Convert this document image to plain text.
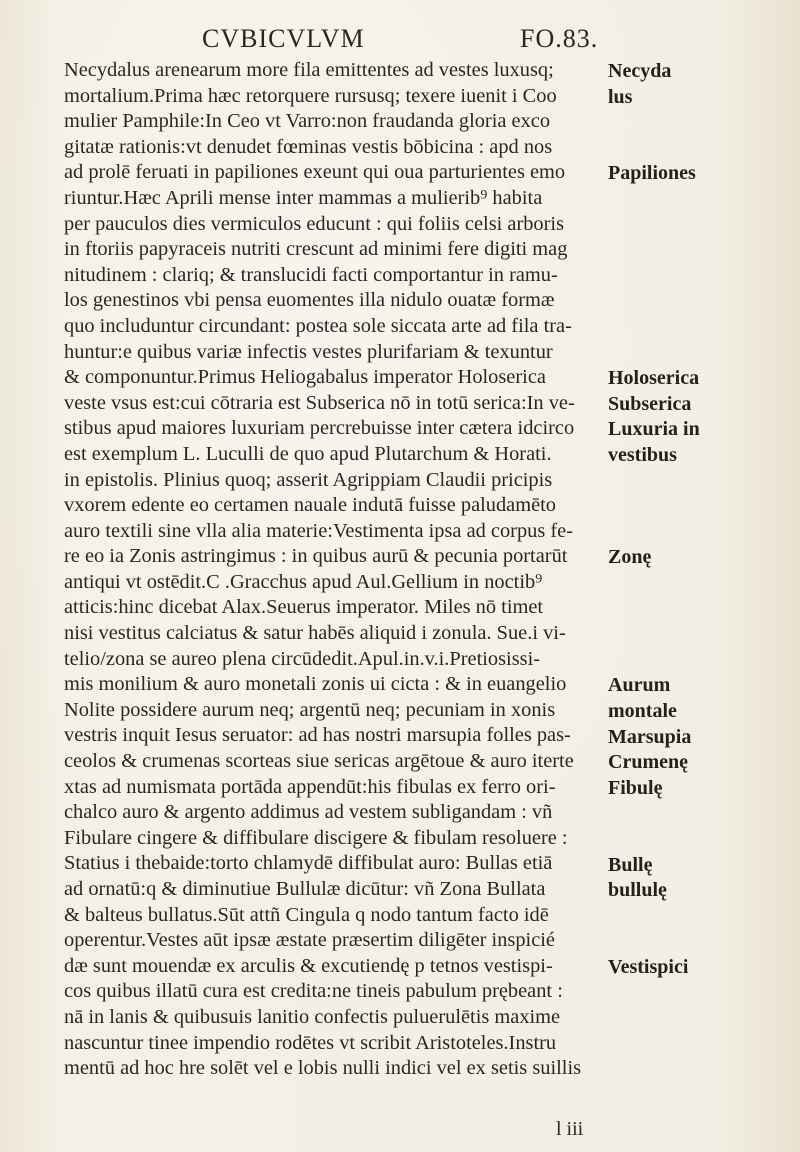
CVBICVLVM	FO.83.
Necydalus arenearum more fila emittentes ad vestes luxusq;
mortalium.Prima hæc retorquere rursusq; texere iuenit i Coo
mulier Pamphile:In Ceo vt Varro:non fraudanda gloria exco
gitatæ rationis:vt denudet fœminas vestis bōbicina : apd nos
ad prolē feruati in papiliones exeunt qui oua parturientes emo
riuntur.Hæc Aprili mense inter mammas a mulierib⁹ habita
per pauculos dies vermiculos educunt : qui foliis celsi arboris
in ftoriis papyraceis nutriti crescunt ad minimi fere digiti mag
nitudinem : clariq; & translucidi facti comportantur in ramu-
los genestinos vbi pensa euomentes illa nidulo ouatæ formæ
quo includuntur circundant: postea sole siccata arte ad fila tra-
huntur:e quibus variæ infectis vestes plurifariam & texuntur
& componuntur.Primus Heliogabalus imperator Holoserica
veste vsus est:cui cōtraria est Subserica nō in totū serica:In ve-
stibus apud maiores luxuriam percrebuisse inter cætera idcirco
est exemplum L. Luculli de quo apud Plutarchum & Horati.
in epistolis. Plinius quoq; asserit Agrippiam Claudii pricipis
vxorem edente eo certamen nauale indutā fuisse paludamēto
auro textili sine vlla alia materie:Vestimenta ipsa ad corpus fe-
re eo ia Zonis astringimus : in quibus aurū & pecunia portarūt
antiqui vt ostēdit.C .Gracchus apud Aul.Gellium in noctib⁹
atticis:hinc dicebat Alax.Seuerus imperator. Miles nō timet
nisi vestitus calciatus & satur habēs aliquid i zonula. Sue.i vi-
telio/zona se aureo plena circūdedit.Apul.in.v.i.Pretiosissi-
mis monilium & auro monetali zonis ui cicta : & in euangelio
Nolite possidere aurum neq; argentū neq; pecuniam in xonis
vestris inquit Iesus seruator: ad has nostri marsupia folles pas-
ceolos & crumenas scorteas siue sericas argētoue & auro iterte
xtas ad numismata portāda appendūt:his fibulas ex ferro ori-
chalco auro & argento addimus ad vestem subligandam : vñ
Fibulare cingere & diffibulare discigere & fibulam resoluere :
Statius i thebaide:torto chlamydē diffibulat auro: Bullas etiā
ad ornatū:q & diminutiue Bullulæ dicūtur: vñ Zona Bullata
& balteus bullatus.Sūt attñ Cingula q nodo tantum facto idē
operentur.Vestes aūt ipsæ æstate præsertim diligēter inspicié
dæ sunt mouendæ ex arculis & excutiendę p tetnos vestispi-
cos quibus illatū cura est credita:ne tineis pabulum prębeant :
nā in lanis & quibusuis lanitio confectis puluerulētis maxime
nascuntur tinee impendio rodētes vt scribit Aristoteles.Instru
mentū ad hoc hre solēt vel e lobis nulli indici vel ex setis suillis
l iii
Necyda
lus
Papiliones
Holoserica
Subserica
Luxuria in
vestibus
Zonę
Aurum
montale
Marsupia
Crumenę
Fibulę
Bullę
bullulę
Vestispici
